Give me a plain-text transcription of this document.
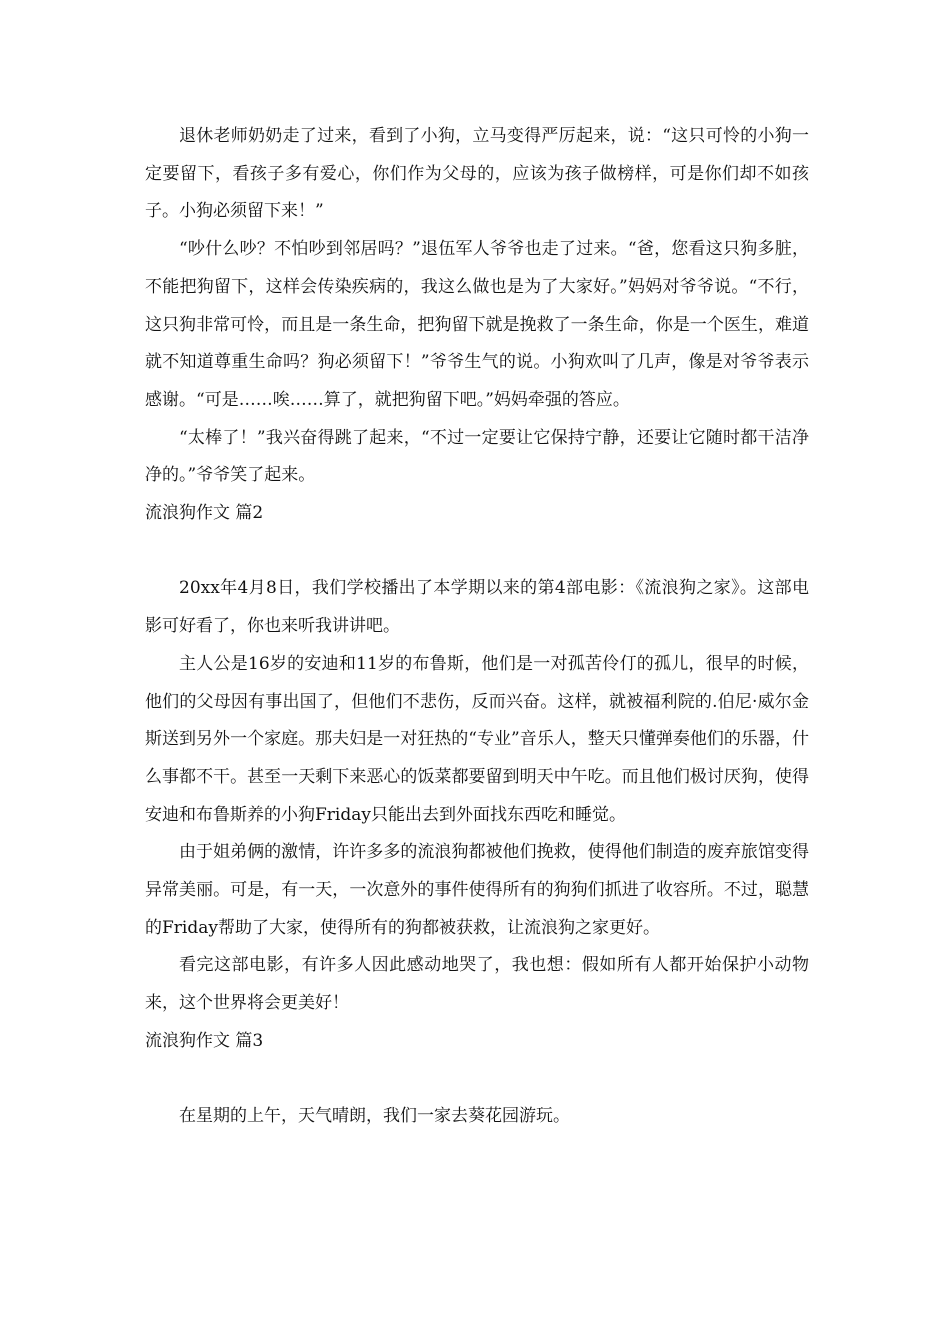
退休老师奶奶走了过来，看到了小狗，立马变得严厉起来，说：“这只可怜的小狗一定要留下，看孩子多有爱心，你们作为父母的，应该为孩子做榜样，可是你们却不如孩子。小狗必须留下来！”

“吵什么吵？不怕吵到邻居吗？”退伍军人爷爷也走了过来。“爸，您看这只狗多脏，不能把狗留下，这样会传染疾病的，我这么做也是为了大家好。”妈妈对爷爷说。“不行，这只狗非常可怜，而且是一条生命，把狗留下就是挽救了一条生命，你是一个医生，难道就不知道尊重生命吗？狗必须留下！”爷爷生气的说。小狗欢叫了几声，像是对爷爷表示感谢。“可是……唉……算了，就把狗留下吧。”妈妈牵强的答应。

“太棒了！”我兴奋得跳了起来，“不过一定要让它保持宁静，还要让它随时都干洁净净的。”爷爷笑了起来。

流浪狗作文 篇2

20xx年4月8日，我们学校播出了本学期以来的第4部电影：《流浪狗之家》。这部电影可好看了，你也来听我讲讲吧。

主人公是16岁的安迪和11岁的布鲁斯，他们是一对孤苦伶仃的孤儿，很早的时候，他们的父母因有事出国了，但他们不悲伤，反而兴奋。这样，就被福利院的.伯尼·威尔金斯送到另外一个家庭。那夫妇是一对狂热的“专业”音乐人，整天只懂弹奏他们的乐器，什么事都不干。甚至一天剩下来恶心的饭菜都要留到明天中午吃。而且他们极讨厌狗，使得安迪和布鲁斯养的小狗Friday只能出去到外面找东西吃和睡觉。

由于姐弟俩的激情，许许多多的流浪狗都被他们挽救，使得他们制造的废弃旅馆变得异常美丽。可是，有一天，一次意外的事件使得所有的狗狗们抓进了收容所。不过，聪慧的Friday帮助了大家，使得所有的狗都被获救，让流浪狗之家更好。

看完这部电影，有许多人因此感动地哭了，我也想：假如所有人都开始保护小动物来，这个世界将会更美好！

流浪狗作文 篇3

在星期的上午，天气晴朗，我们一家去葵花园游玩。
